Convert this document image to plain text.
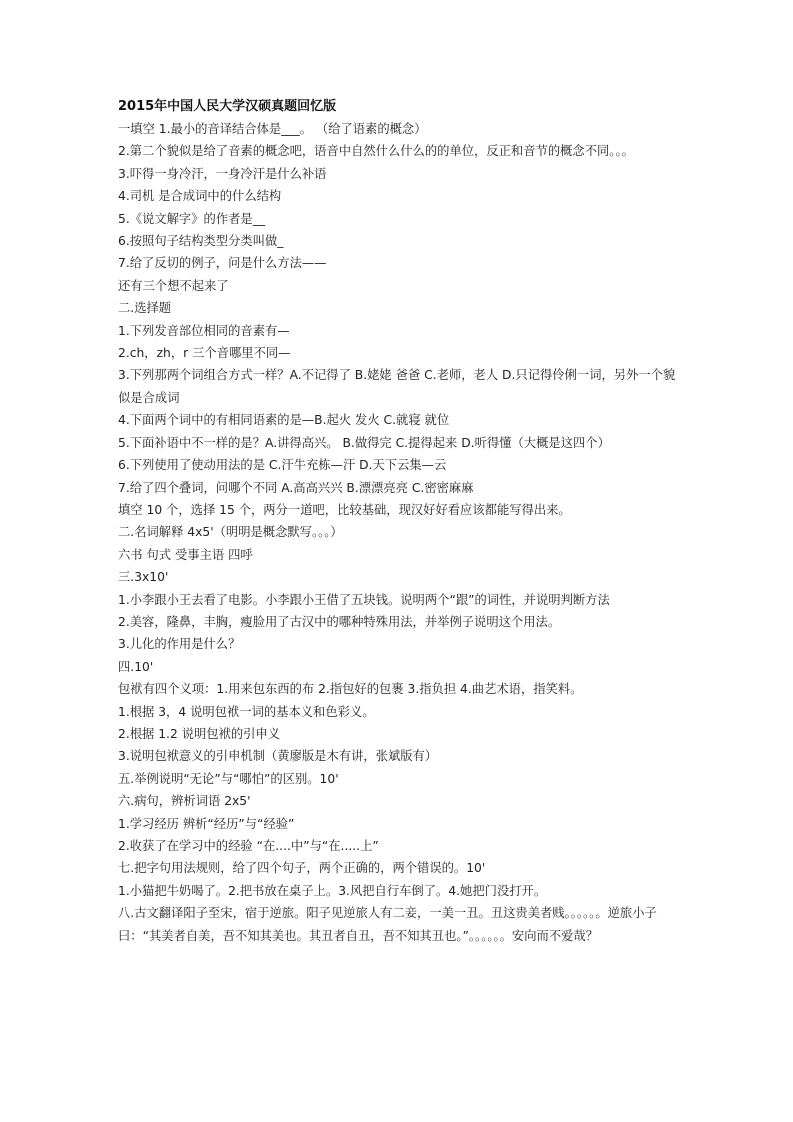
2015年中国人民大学汉硕真题回忆版

一填空 1.最小的音译结合体是___。 （给了语素的概念）

2.第二个貌似是给了音素的概念吧，语音中自然什么什么的的单位，反正和音节的概念不同。。。

3.吓得一身冷汗，一身冷汗是什么补语

4.司机 是合成词中的什么结构

5.《说文解字》的作者是__

6.按照句子结构类型分类叫做_

7.给了反切的例子，问是什么方法——

还有三个想不起来了

二.选择题

1.下列发音部位相同的音素有—

2.ch，zh，r 三个音哪里不同—

3.下列那两个词组合方式一样？A.不记得了 B.姥姥 爸爸 C.老师，老人 D.只记得伶俐一词，另外一个貌似是合成词

4.下面两个词中的有相同语素的是—B.起火 发火 C.就寝 就位

5.下面补语中不一样的是？A.讲得高兴。 B.做得完 C.提得起来 D.听得懂（大概是这四个）

6.下列使用了使动用法的是 C.汗牛充栋—汗 D.天下云集—云

7.给了四个叠词，问哪个不同 A.高高兴兴 B.漂漂亮亮 C.密密麻麻

填空 10 个，选择 15 个，两分一道吧，比较基础，现汉好好看应该都能写得出来。

二.名词解释 4x5'（明明是概念默写。。。）

六书 句式 受事主语 四呼

三.3x10'

1.小李跟小王去看了电影。小李跟小王借了五块钱。说明两个“跟”的词性，并说明判断方法

2.美容，隆鼻，丰胸，瘦脸用了古汉中的哪种特殊用法，并举例子说明这个用法。

3.儿化的作用是什么？

四.10'

包袱有四个义项：1.用来包东西的布 2.指包好的包裹 3.指负担 4.曲艺术语，指笑料。

1.根据 3，4 说明包袱一词的基本义和色彩义。

2.根据 1.2 说明包袱的引申义

3.说明包袱意义的引申机制（黄廖版是木有讲，张斌版有）

五.举例说明“无论”与“哪怕”的区别。10'

六.病句，辨析词语 2x5'

1.学习经历 辨析“经历”与“经验”

2.收获了在学习中的经验 “在....中”与“在.....上”

七.把字句用法规则，给了四个句子，两个正确的，两个错误的。10'

1.小猫把牛奶喝了。2.把书放在桌子上。3.风把自行车倒了。4.她把门没打开。

八.古文翻译阳子至宋，宿于逆旅。阳子见逆旅人有二妾，一美一丑。丑这贵美者贱。。。。。。逆旅小子曰：“其美者自美，吾不知其美也。其丑者自丑，吾不知其丑也。”。。。。。。安向而不爱哉？
